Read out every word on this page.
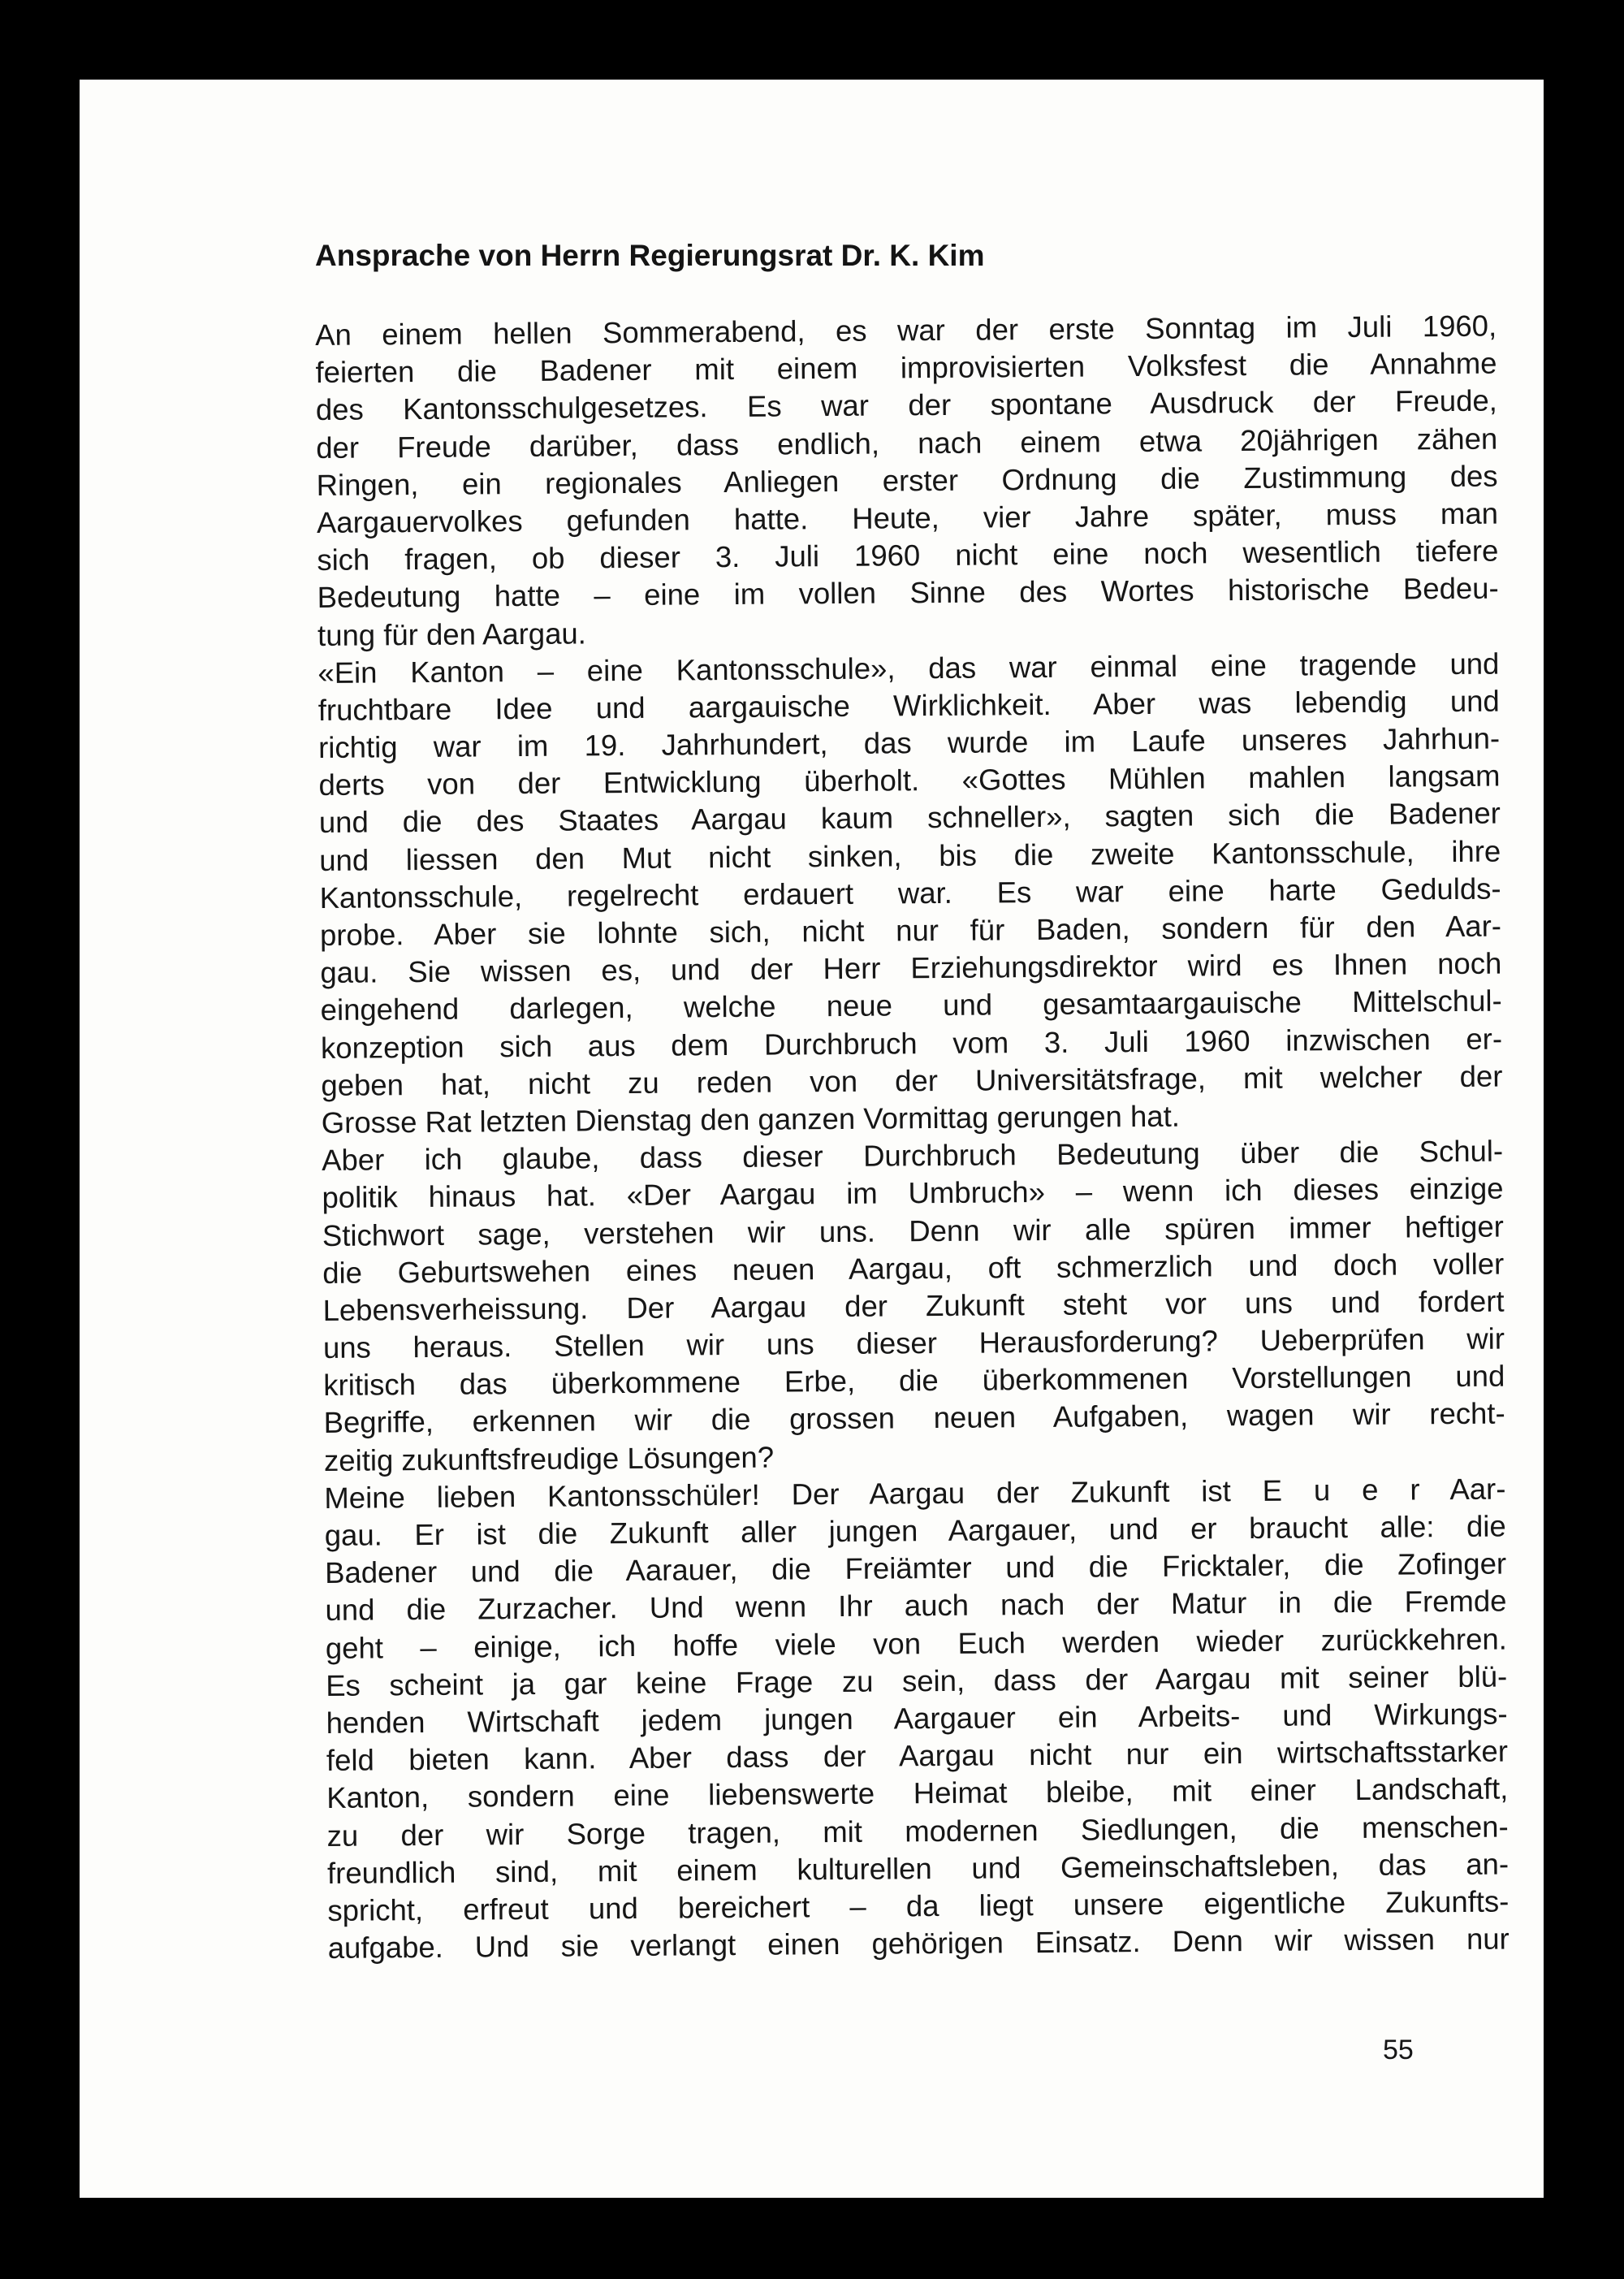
Ansprache von Herrn Regierungsrat Dr. K. Kim
An einem hellen Sommerabend, es war der erste Sonntag im Juli 1960,
feierten die Badener mit einem improvisierten Volksfest die Annahme
des Kantonsschulgesetzes. Es war der spontane Ausdruck der Freude,
der Freude darüber, dass endlich, nach einem etwa 20jährigen zähen
Ringen, ein regionales Anliegen erster Ordnung die Zustimmung des
Aargauervolkes gefunden hatte. Heute, vier Jahre später, muss man
sich fragen, ob dieser 3. Juli 1960 nicht eine noch wesentlich tiefere
Bedeutung hatte – eine im vollen Sinne des Wortes historische Bedeu-
tung für den Aargau.
«Ein Kanton – eine Kantonsschule», das war einmal eine tragende und
fruchtbare Idee und aargauische Wirklichkeit. Aber was lebendig und
richtig war im 19. Jahrhundert, das wurde im Laufe unseres Jahrhun-
derts von der Entwicklung überholt. «Gottes Mühlen mahlen langsam
und die des Staates Aargau kaum schneller», sagten sich die Badener
und liessen den Mut nicht sinken, bis die zweite Kantonsschule, ihre
Kantonsschule, regelrecht erdauert war. Es war eine harte Gedulds-
probe. Aber sie lohnte sich, nicht nur für Baden, sondern für den Aar-
gau. Sie wissen es, und der Herr Erziehungsdirektor wird es Ihnen noch
eingehend darlegen, welche neue und gesamtaargauische Mittelschul-
konzeption sich aus dem Durchbruch vom 3. Juli 1960 inzwischen er-
geben hat, nicht zu reden von der Universitätsfrage, mit welcher der
Grosse Rat letzten Dienstag den ganzen Vormittag gerungen hat.
Aber ich glaube, dass dieser Durchbruch Bedeutung über die Schul-
politik hinaus hat. «Der Aargau im Umbruch» – wenn ich dieses einzige
Stichwort sage, verstehen wir uns. Denn wir alle spüren immer heftiger
die Geburtswehen eines neuen Aargau, oft schmerzlich und doch voller
Lebensverheissung. Der Aargau der Zukunft steht vor uns und fordert
uns heraus. Stellen wir uns dieser Herausforderung? Ueberprüfen wir
kritisch das überkommene Erbe, die überkommenen Vorstellungen und
Begriffe, erkennen wir die grossen neuen Aufgaben, wagen wir recht-
zeitig zukunftsfreudige Lösungen?
Meine lieben Kantonsschüler! Der Aargau der Zukunft ist E u e r Aar-
gau. Er ist die Zukunft aller jungen Aargauer, und er braucht alle: die
Badener und die Aarauer, die Freiämter und die Fricktaler, die Zofinger
und die Zurzacher. Und wenn Ihr auch nach der Matur in die Fremde
geht – einige, ich hoffe viele von Euch werden wieder zurückkehren.
Es scheint ja gar keine Frage zu sein, dass der Aargau mit seiner blü-
henden Wirtschaft jedem jungen Aargauer ein Arbeits- und Wirkungs-
feld bieten kann. Aber dass der Aargau nicht nur ein wirtschaftsstarker
Kanton, sondern eine liebenswerte Heimat bleibe, mit einer Landschaft,
zu der wir Sorge tragen, mit modernen Siedlungen, die menschen-
freundlich sind, mit einem kulturellen und Gemeinschaftsleben, das an-
spricht, erfreut und bereichert – da liegt unsere eigentliche Zukunfts-
aufgabe. Und sie verlangt einen gehörigen Einsatz. Denn wir wissen nur

55
